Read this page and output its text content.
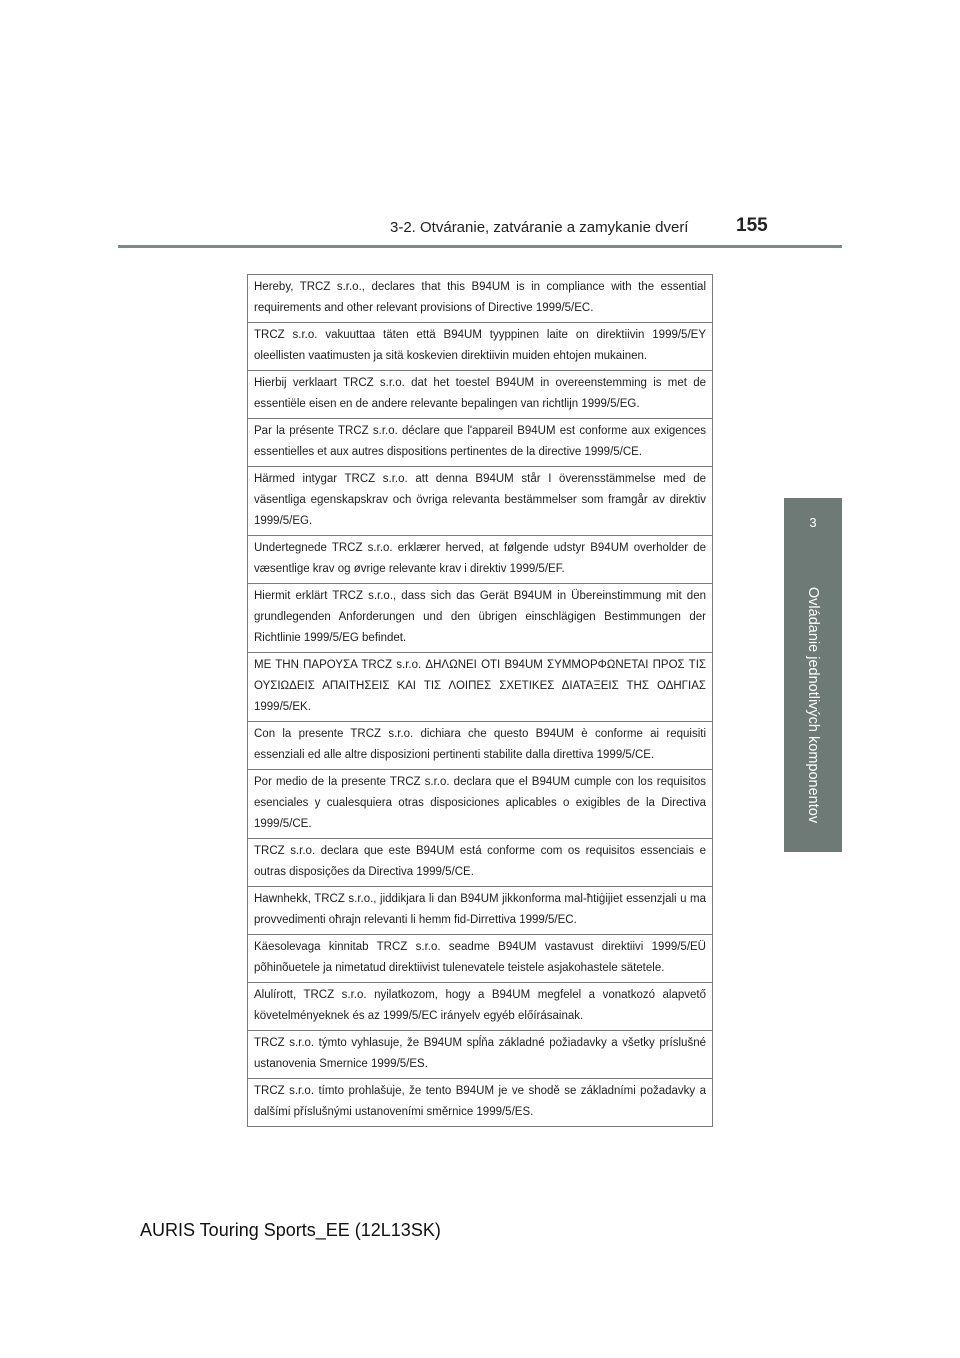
3-2. Otváranie, zatváranie a zamykanie dverí	155
3
Ovládanie jednotlivých komponentov
Hereby, TRCZ s.r.o., declares that this B94UM is in compliance with the essential requirements and other relevant provisions of Directive 1999/5/EC.
TRCZ s.r.o. vakuuttaa täten että B94UM tyyppinen laite on direktiivin 1999/5/EY oleellisten vaatimusten ja sitä koskevien direktiivin muiden ehtojen mukainen.
Hierbij verklaart TRCZ s.r.o. dat het toestel B94UM in overeenstemming is met de essentiële eisen en de andere relevante bepalingen van richtlijn 1999/5/EG.
Par la présente TRCZ s.r.o. déclare que l'appareil B94UM est conforme aux exigences essentielles et aux autres dispositions pertinentes de la directive 1999/5/CE.
Härmed intygar TRCZ s.r.o. att denna B94UM står I överensstämmelse med de väsentliga egenskapskrav och övriga relevanta bestämmelser som framgår av direktiv 1999/5/EG.
Undertegnede TRCZ s.r.o. erklærer herved, at følgende udstyr B94UM overholder de væsentlige krav og øvrige relevante krav i direktiv 1999/5/EF.
Hiermit erklärt TRCZ s.r.o., dass sich das Gerät B94UM in Übereinstimmung mit den grundlegenden Anforderungen und den übrigen einschlägigen Bestimmungen der Richtlinie 1999/5/EG befindet.
ΜΕ ΤΗΝ ΠΑΡΟΥΣΑ TRCZ s.r.o. ΔΗΛΩΝΕΙ ΟΤΙ B94UM ΣΥΜΜΟΡΦΩΝΕΤΑΙ ΠΡΟΣ ΤΙΣ ΟΥΣΙΩΔΕΙΣ ΑΠΑΙΤΗΣΕΙΣ ΚΑΙ ΤΙΣ ΛΟΙΠΕΣ ΣΧΕΤΙΚΕΣ ΔΙΑΤΑΞΕΙΣ ΤΗΣ ΟΔΗΓΙΑΣ 1999/5/ΕΚ.
Con la presente TRCZ s.r.o. dichiara che questo B94UM è conforme ai requisiti essenziali ed alle altre disposizioni pertinenti stabilite dalla direttiva 1999/5/CE.
Por medio de la presente TRCZ s.r.o. declara que el B94UM cumple con los requisitos esenciales y cualesquiera otras disposiciones aplicables o exigibles de la Directiva 1999/5/CE.
TRCZ s.r.o. declara que este B94UM está conforme com os requisitos essenciais e outras disposições da Directiva 1999/5/CE.
Hawnhekk, TRCZ s.r.o., jiddikjara li dan B94UM jikkonforma mal-ħtiġijiet essenzjali u ma provvedimenti oħrajn relevanti li hemm fid-Dirrettiva 1999/5/EC.
Käesolevaga kinnitab TRCZ s.r.o. seadme B94UM vastavust direktiivi 1999/5/EÜ põhinõuetele ja nimetatud direktiivist tulenevatele teistele asjakohastele sätetele.
Alulírott, TRCZ s.r.o. nyilatkozom, hogy a B94UM megfelel a vonatkozó alapvető követelményeknek és az 1999/5/EC irányelv egyéb előírásainak.
TRCZ s.r.o. týmto vyhlasuje, že B94UM spĺňa základné požiadavky a všetky príslušné ustanovenia Smernice 1999/5/ES.
TRCZ s.r.o. tímto prohlašuje, že tento B94UM je ve shodě se základními požadavky a dalšími příslušnými ustanoveními směrnice 1999/5/ES.
AURIS Touring Sports_EE (12L13SK)
